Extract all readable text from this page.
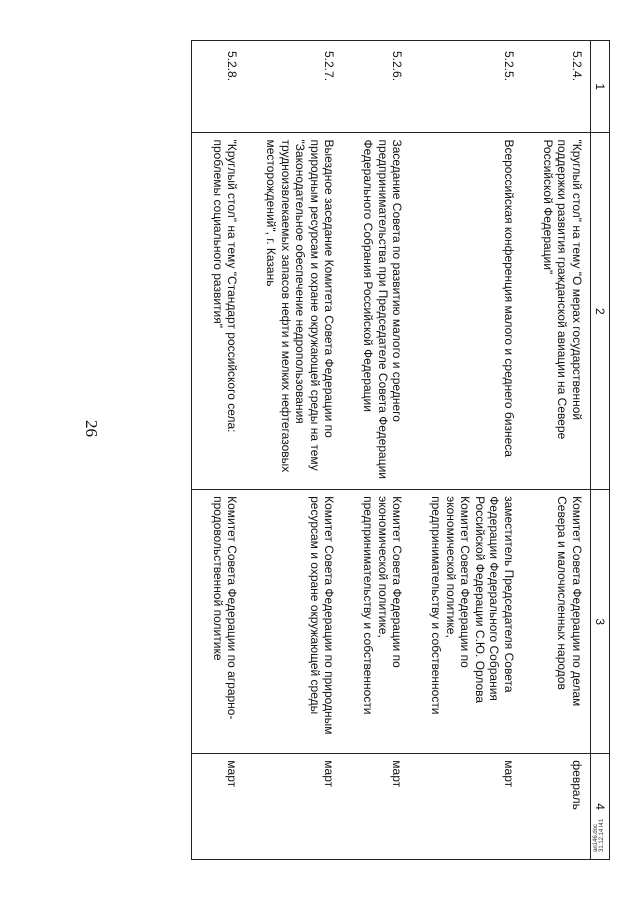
26
1	2	3	4
5.2.4.	"Круглый стол" на тему "О мерах государственной поддержки развития гражданской авиации на Севере Российской Федерации"	Комитет Совета Федерации по делам Севера и малочисленных народов	февраль
5.2.5.	Всероссийская конференция малого и среднего бизнеса	заместитель Председателя Совета Федерации Федерального Собрания Российской Федерации С.Ю. Орлова Комитет Совета Федерации по экономической политике, предпринимательству и собственности	март
5.2.6.	Заседание Совета по развитию малого и среднего предпринимательства при Председателе Совета Федерации Федерального Собрания Российской Федерации	Комитет Совета Федерации по экономической политике, предпринимательству и собственности	март
5.2.7.	Выездное заседание Комитета Совета Федерации по природным ресурсам и охране окружающей среды на тему "Законодательное обеспечение недропользования трудноизвлекаемых запасов нефти и мелких нефтегазовых месторождений", г. Казань	Комитет Совета Федерации по природным ресурсам и охране окружающей среды	март
5.2.8.	"Круглый стол" на тему "Стандарт российского села: проблемы социального развития"	Комитет Совета Федерации по аграрно-продовольственной политике	март
an146.doc 31.12.14 l41
